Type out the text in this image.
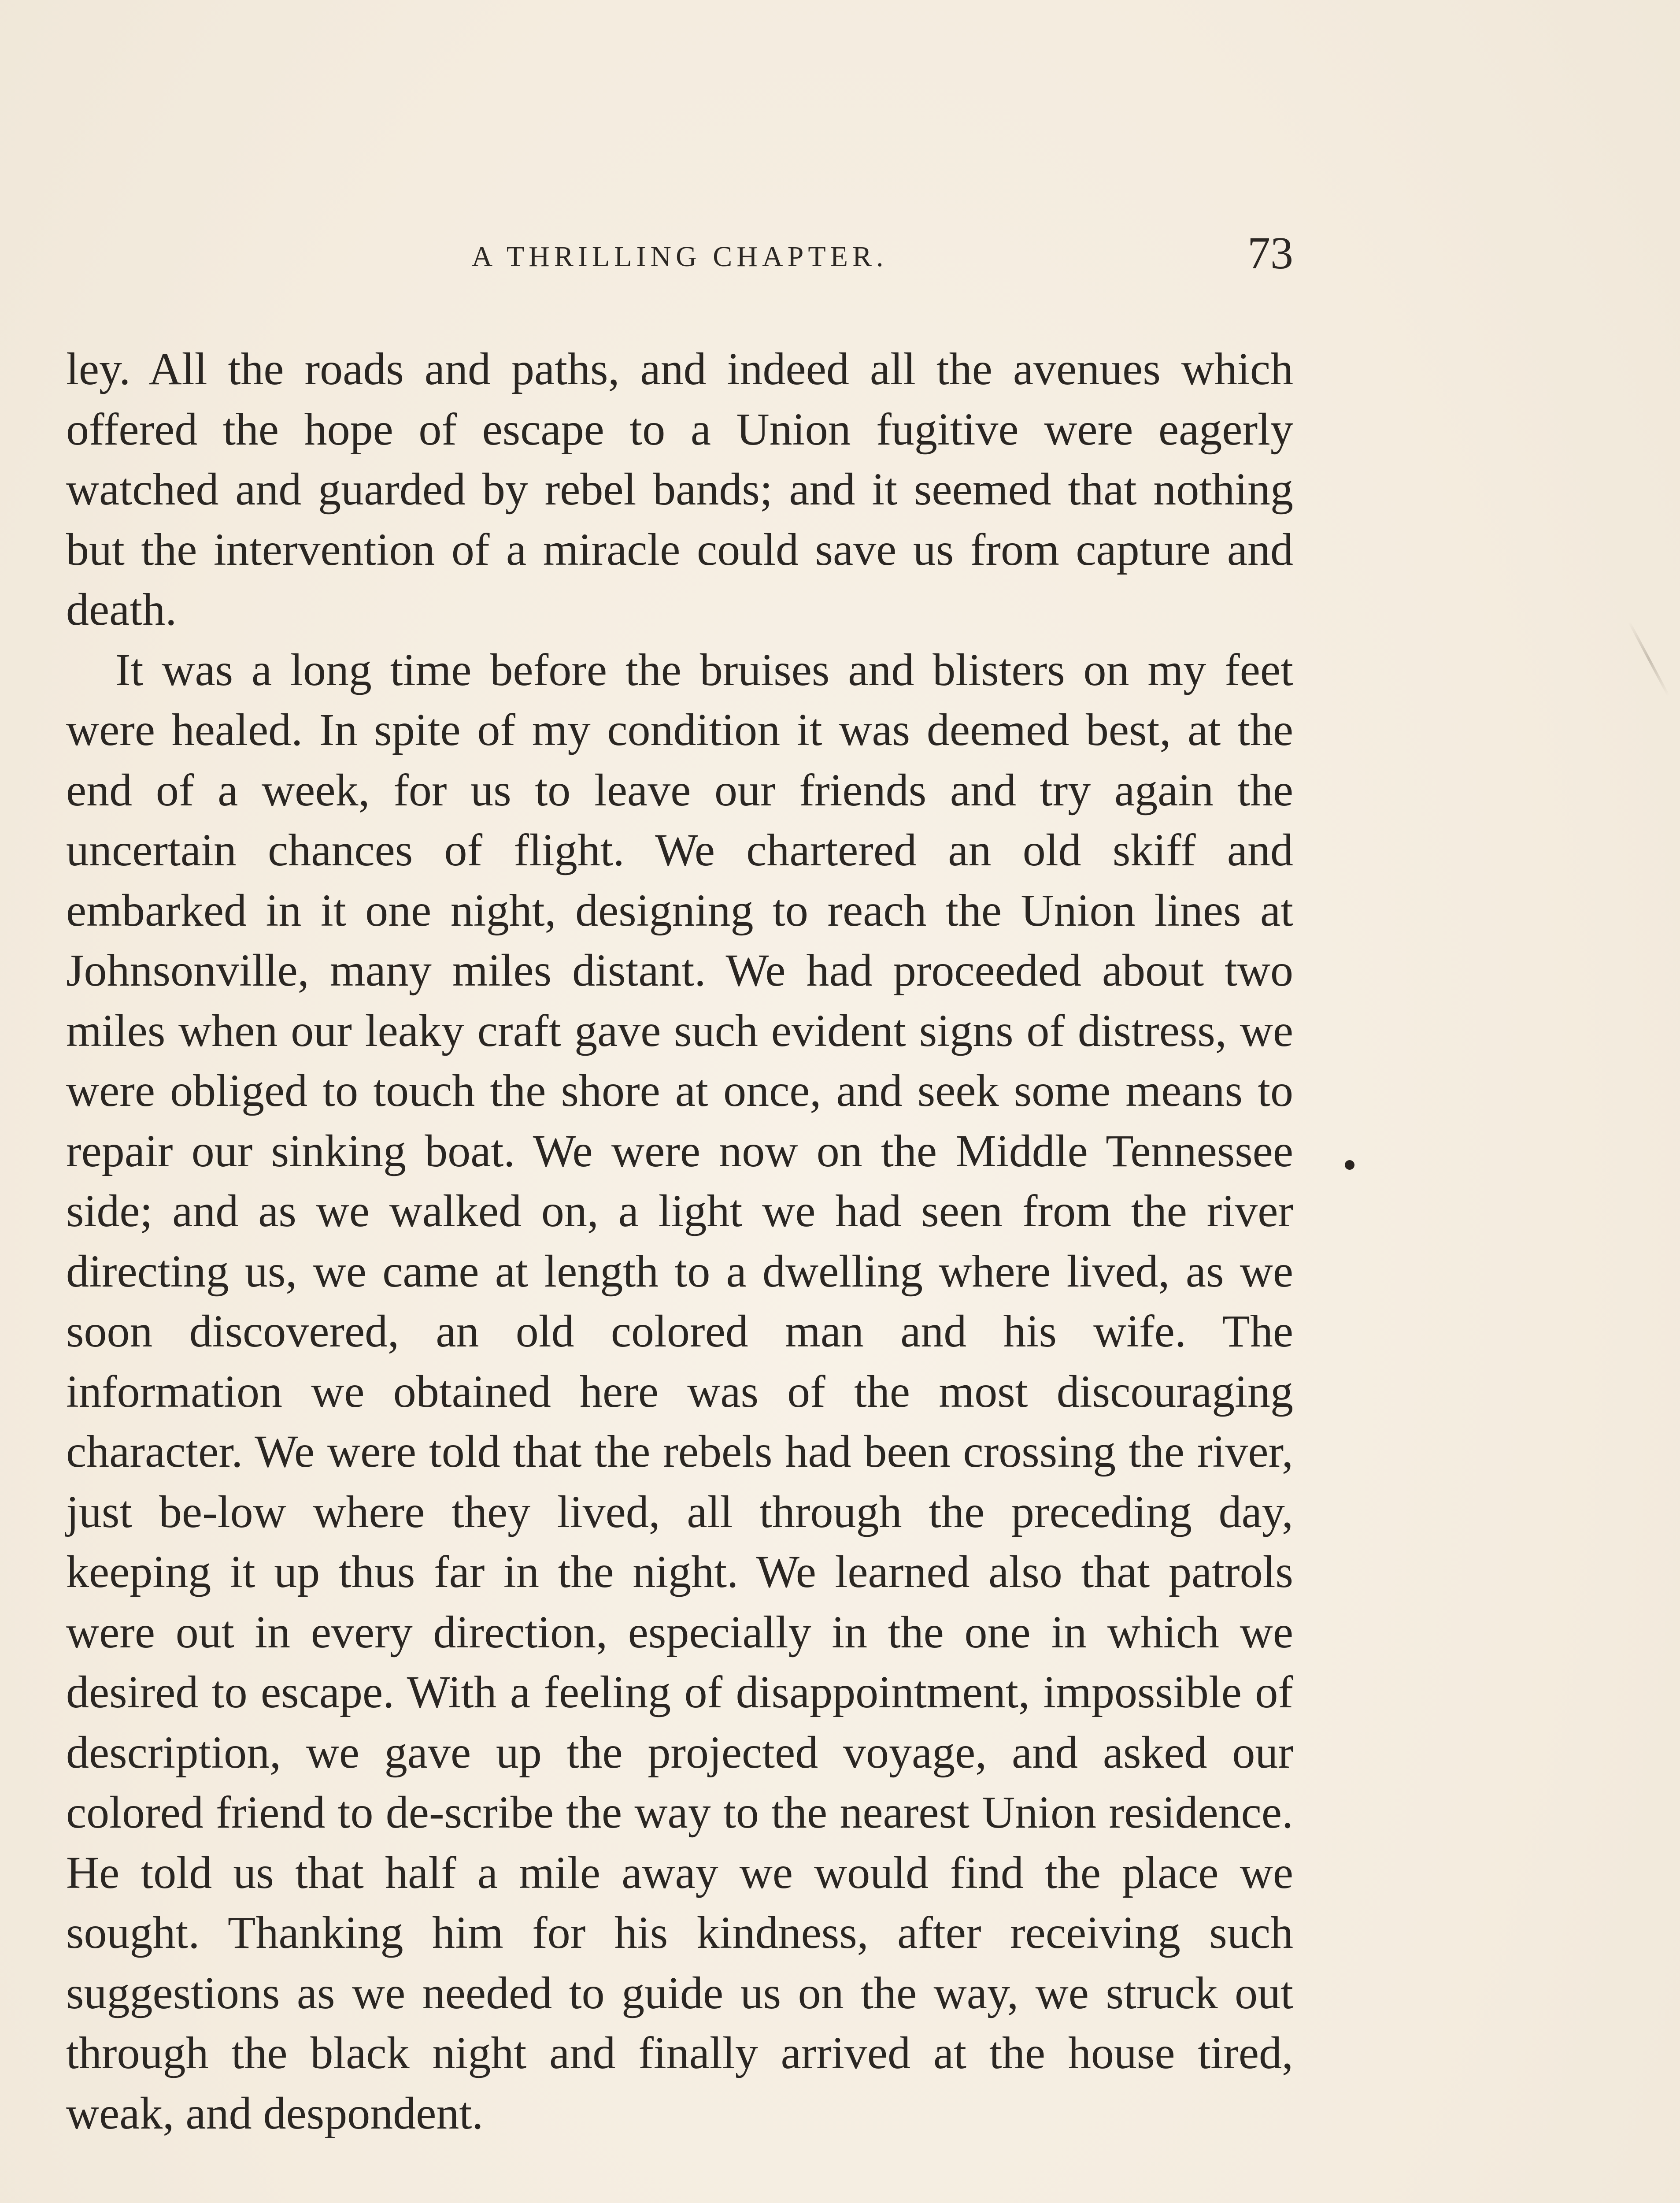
A THRILLING CHAPTER.	73

ley. All the roads and paths, and indeed all the avenues which offered the hope of escape to a Union fugitive were eagerly watched and guarded by rebel bands; and it seemed that nothing but the intervention of a miracle could save us from capture and death.

It was a long time before the bruises and blisters on my feet were healed. In spite of my condition it was deemed best, at the end of a week, for us to leave our friends and try again the uncertain chances of flight. We chartered an old skiff and embarked in it one night, designing to reach the Union lines at Johnsonville, many miles distant. We had proceeded about two miles when our leaky craft gave such evident signs of distress, we were obliged to touch the shore at once, and seek some means to repair our sinking boat. We were now on the Middle Tennessee side; and as we walked on, a light we had seen from the river directing us, we came at length to a dwelling where lived, as we soon discovered, an old colored man and his wife. The information we obtained here was of the most discouraging character. We were told that the rebels had been crossing the river, just be-low where they lived, all through the preceding day, keeping it up thus far in the night. We learned also that patrols were out in every direction, especially in the one in which we desired to escape. With a feeling of disappointment, impossible of description, we gave up the projected voyage, and asked our colored friend to de-scribe the way to the nearest Union residence. He told us that half a mile away we would find the place we sought. Thanking him for his kindness, after receiving such suggestions as we needed to guide us on the way, we struck out through the black night and finally arrived at the house tired, weak, and despondent.
